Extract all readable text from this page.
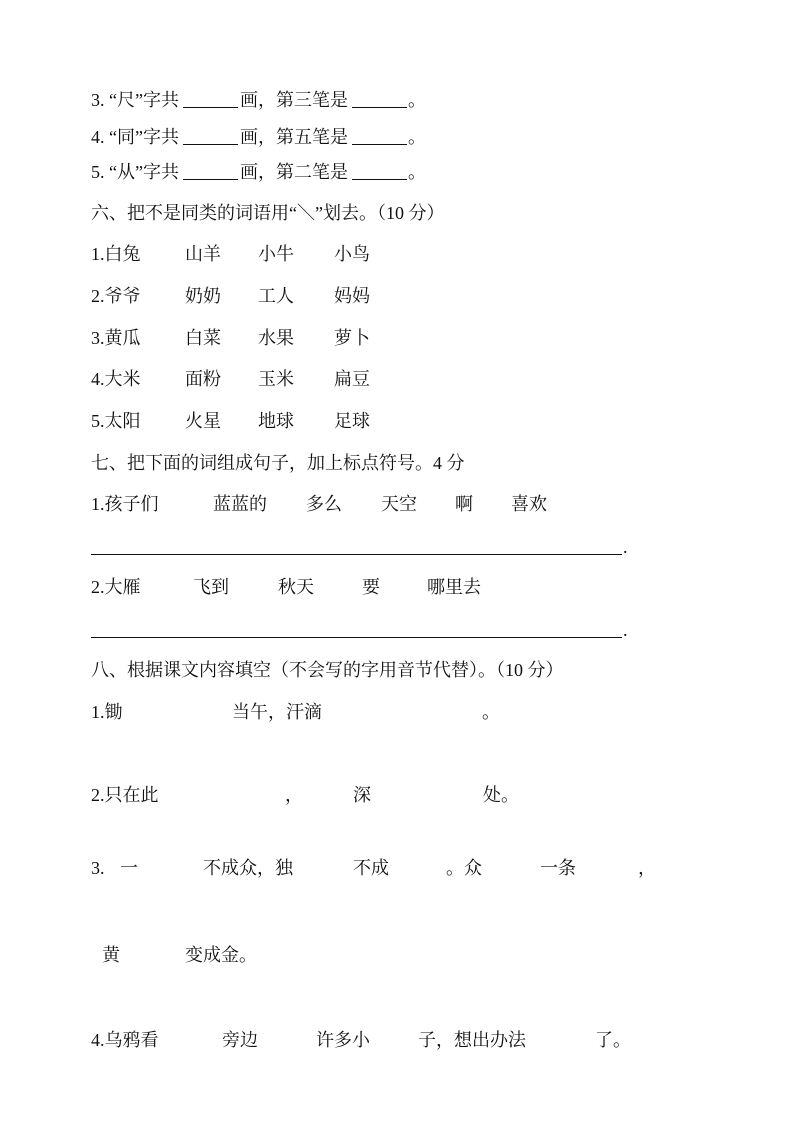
3. “尺”字共	画，第三笔是	。
4. “同”字共	画，第五笔是	。
5. “从”字共	画，第二笔是	。
六、把不是同类的词语用“＼”划去。（10 分）
1.白兔 山羊 小牛 小鸟
2.爷爷 奶奶 工人 妈妈
3.黄瓜 白菜 水果 萝卜
4.大米 面粉 玉米 扁豆
5.太阳 火星 地球 足球
七、把下面的词组成句子，加上标点符号。4 分
1.孩子们	蓝蓝的 多么 天空 啊 喜欢
.
2.大雁	飞到	秋天	要	哪里去
.
八、根据课文内容填空（不会写的字用音节代替）。（10 分）
1.锄	当午，汗滴	。
2.只在此	，	深	处。
3. 一	不成众，独	不成	。众	一条	，
黄	变成金。
4.乌鸦看	旁边	许多小	子，想出办法	了。
